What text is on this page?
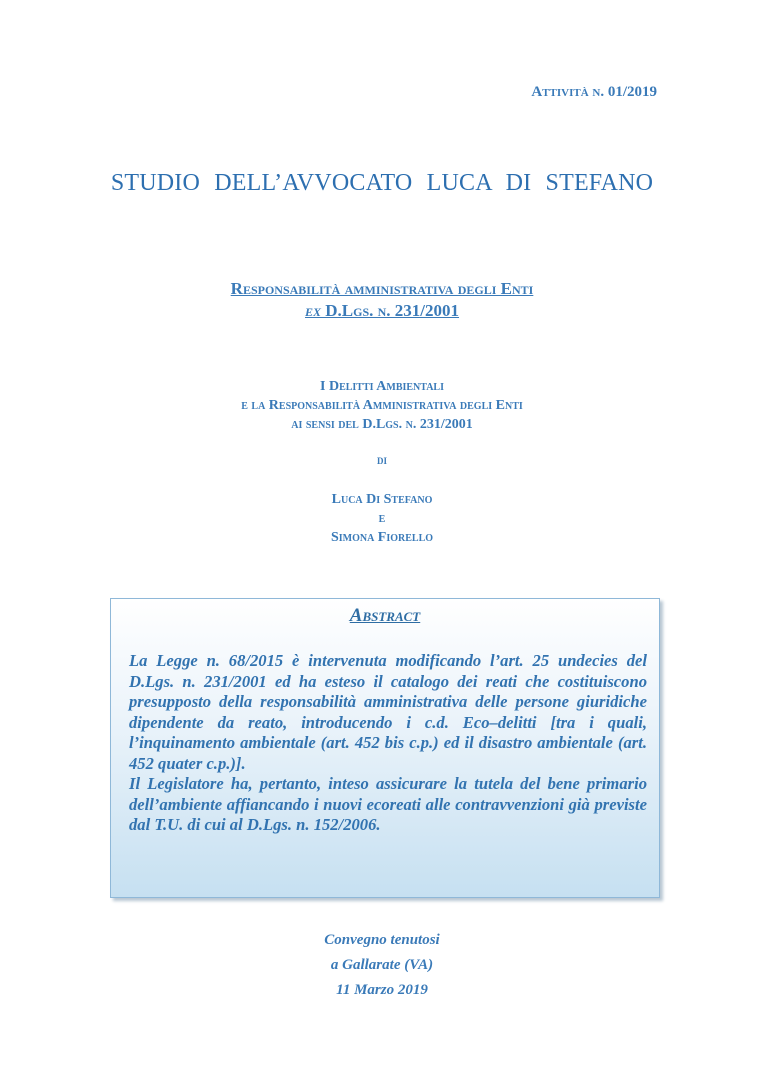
Attività n. 01/2019
STUDIO DELL’AVVOCATO LUCA DI STEFANO
Responsabilità amministrativa degli Enti
ex D.Lgs. n. 231/2001
I Delitti Ambientali
e la Responsabilità Amministrativa degli Enti
ai sensi del D.Lgs. n. 231/2001
di
Luca Di Stefano
e
Simona Fiorello
Abstract

La Legge n. 68/2015 è intervenuta modificando l’art. 25 undecies del D.Lgs. n. 231/2001 ed ha esteso il catalogo dei reati che costituiscono presupposto della responsabilità amministrativa delle persone giuridiche dipendente da reato, introducendo i c.d. Eco–delitti [tra i quali, l’inquinamento ambientale (art. 452 bis c.p.) ed il disastro ambientale (art. 452 quater c.p.)].

Il Legislatore ha, pertanto, inteso assicurare la tutela del bene primario dell’ambiente affiancando i nuovi ecoreati alle contravvenzioni già previste dal T.U. di cui al D.Lgs. n. 152/2006.

Convegno tenutosi
a Gallarate (VA)
11 Marzo 2019
